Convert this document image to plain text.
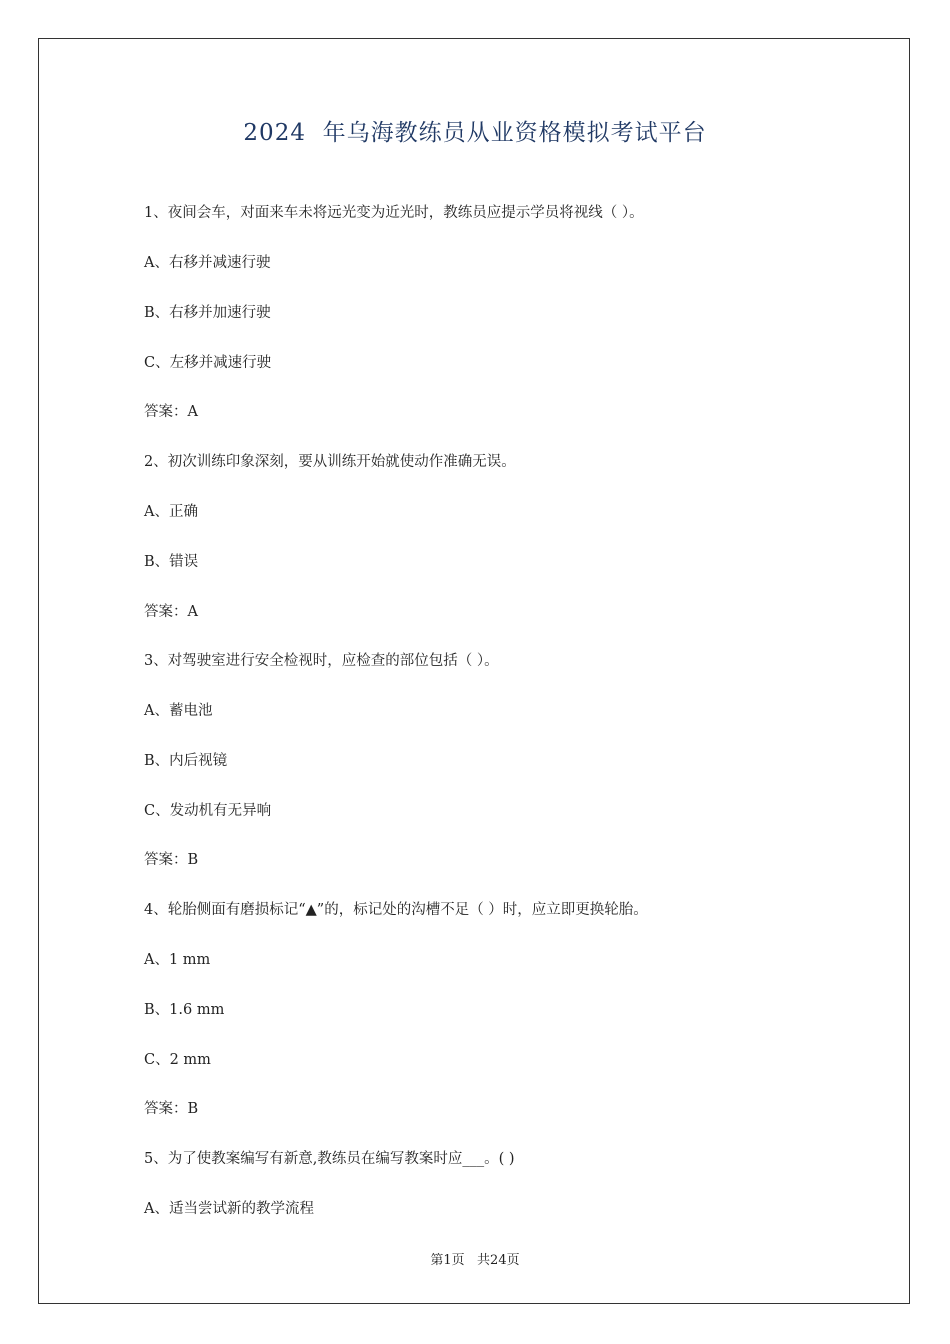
2024  年乌海教练员从业资格模拟考试平台
1、夜间会车，对面来车未将远光变为近光时，教练员应提示学员将视线（ ）。
A、右移并减速行驶
B、右移并加速行驶
C、左移并减速行驶
答案：A
2、初次训练印象深刻，要从训练开始就使动作准确无误。
A、正确
B、错误
答案：A
3、对驾驶室进行安全检视时，应检查的部位包括（ ）。
A、蓄电池
B、内后视镜
C、发动机有无异响
答案：B
4、轮胎侧面有磨损标记“▲”的，标记处的沟槽不足（ ）时，应立即更换轮胎。
A、1 mm
B、1.6 mm
C、2 mm
答案：B
5、为了使教案编写有新意,教练员在编写教案时应___。( )
A、适当尝试新的教学流程
第1页   共24页
